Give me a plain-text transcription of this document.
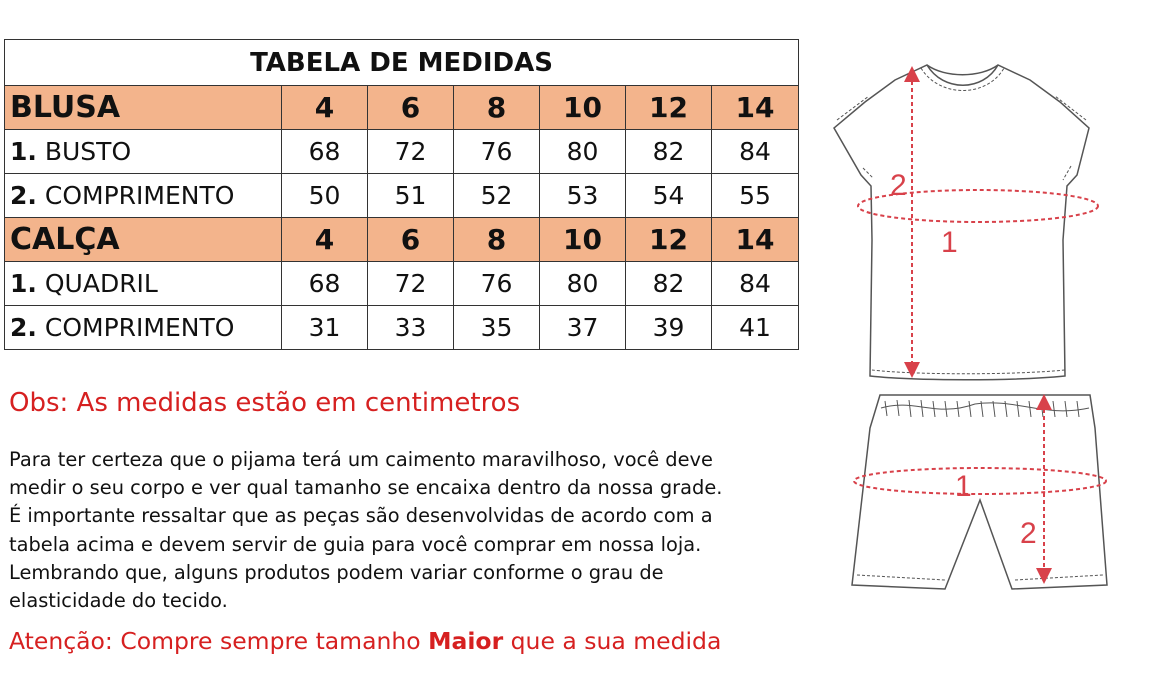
TABELA DE MEDIDAS						
BLUSA	4	6	8	10	12	14
1. BUSTO	68	72	76	80	82	84
2. COMPRIMENTO	50	51	52	53	54	55
CALÇA	4	6	8	10	12	14
1. QUADRIL	68	72	76	80	82	84
2. COMPRIMENTO	31	33	35	37	39	41
Obs: As medidas estão em centimetros
Para ter certeza que o pijama terá um caimento maravilhoso, você deve
medir o seu corpo e ver qual tamanho se encaixa dentro da nossa grade.
É importante ressaltar que as peças são desenvolvidas de acordo com a
tabela acima e devem servir de guia para você comprar em nossa loja.
Lembrando que, alguns produtos podem variar conforme o grau de
elasticidade do tecido.
Atenção: Compre sempre tamanho Maior que a sua medida
2
1
1
2
